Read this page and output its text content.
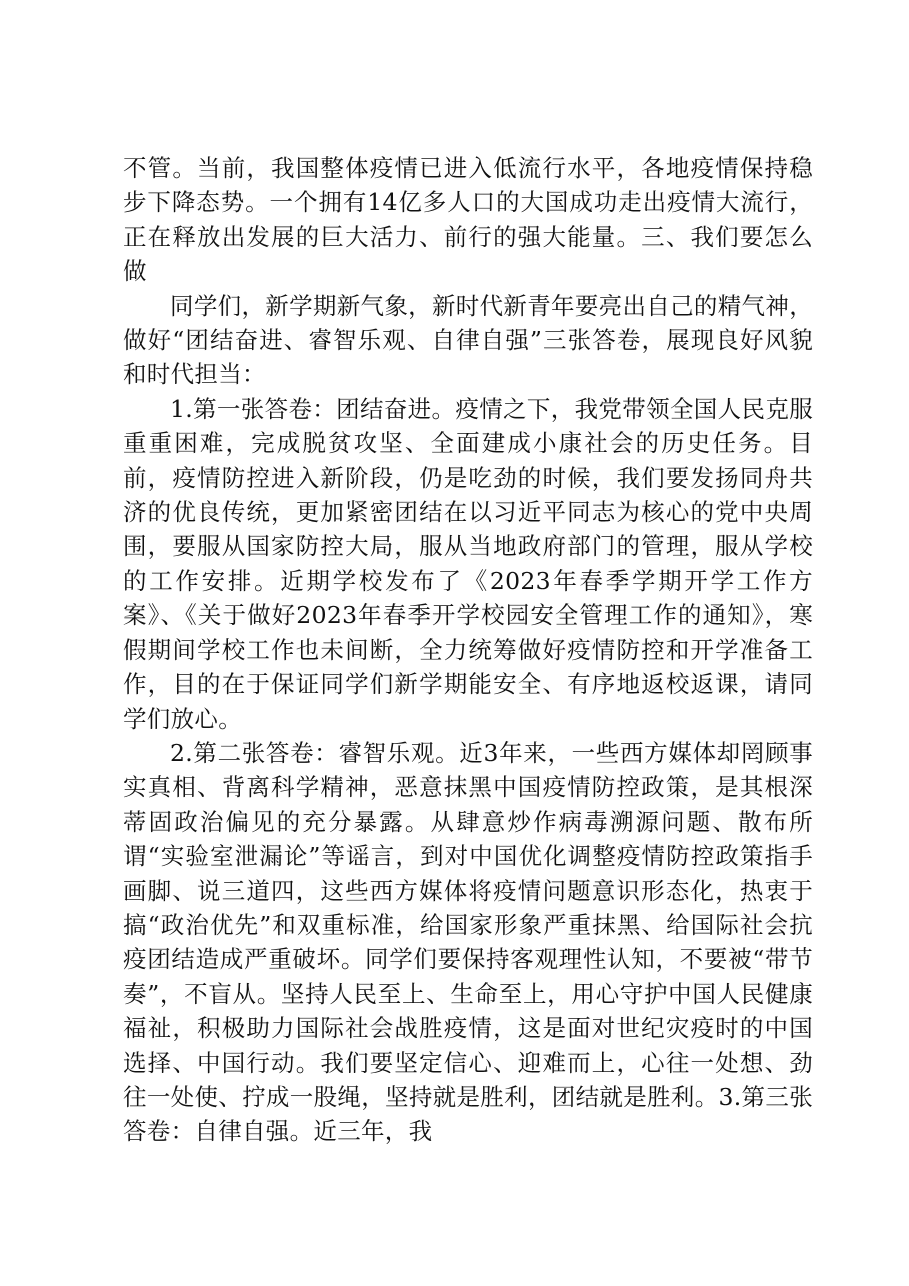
不管。当前，我国整体疫情已进入低流行水平，各地疫情保持稳步下降态势。一个拥有14亿多人口的大国成功走出疫情大流行，正在释放出发展的巨大活力、前行的强大能量。三、我们要怎么做

同学们，新学期新气象，新时代新青年要亮出自己的精气神，做好“团结奋进、睿智乐观、自律自强”三张答卷，展现良好风貌和时代担当：

1.第一张答卷：团结奋进。疫情之下，我党带领全国人民克服重重困难，完成脱贫攻坚、全面建成小康社会的历史任务。目前，疫情防控进入新阶段，仍是吃劲的时候，我们要发扬同舟共济的优良传统，更加紧密团结在以习近平同志为核心的党中央周围，要服从国家防控大局，服从当地政府部门的管理，服从学校的工作安排。近期学校发布了《2023年春季学期开学工作方案》、《关于做好2023年春季开学校园安全管理工作的通知》，寒假期间学校工作也未间断，全力统筹做好疫情防控和开学准备工作，目的在于保证同学们新学期能安全、有序地返校返课，请同学们放心。

2.第二张答卷：睿智乐观。近3年来，一些西方媒体却罔顾事实真相、背离科学精神，恶意抹黑中国疫情防控政策，是其根深蒂固政治偏见的充分暴露。从肆意炒作病毒溯源问题、散布所谓“实验室泄漏论”等谣言，到对中国优化调整疫情防控政策指手画脚、说三道四，这些西方媒体将疫情问题意识形态化，热衷于搞“政治优先”和双重标准，给国家形象严重抹黑、给国际社会抗疫团结造成严重破坏。同学们要保持客观理性认知，不要被“带节奏”，不盲从。坚持人民至上、生命至上，用心守护中国人民健康福祉，积极助力国际社会战胜疫情，这是面对世纪灾疫时的中国选择、中国行动。我们要坚定信心、迎难而上，心往一处想、劲往一处使、拧成一股绳，坚持就是胜利，团结就是胜利。3.第三张答卷：自律自强。近三年，我
